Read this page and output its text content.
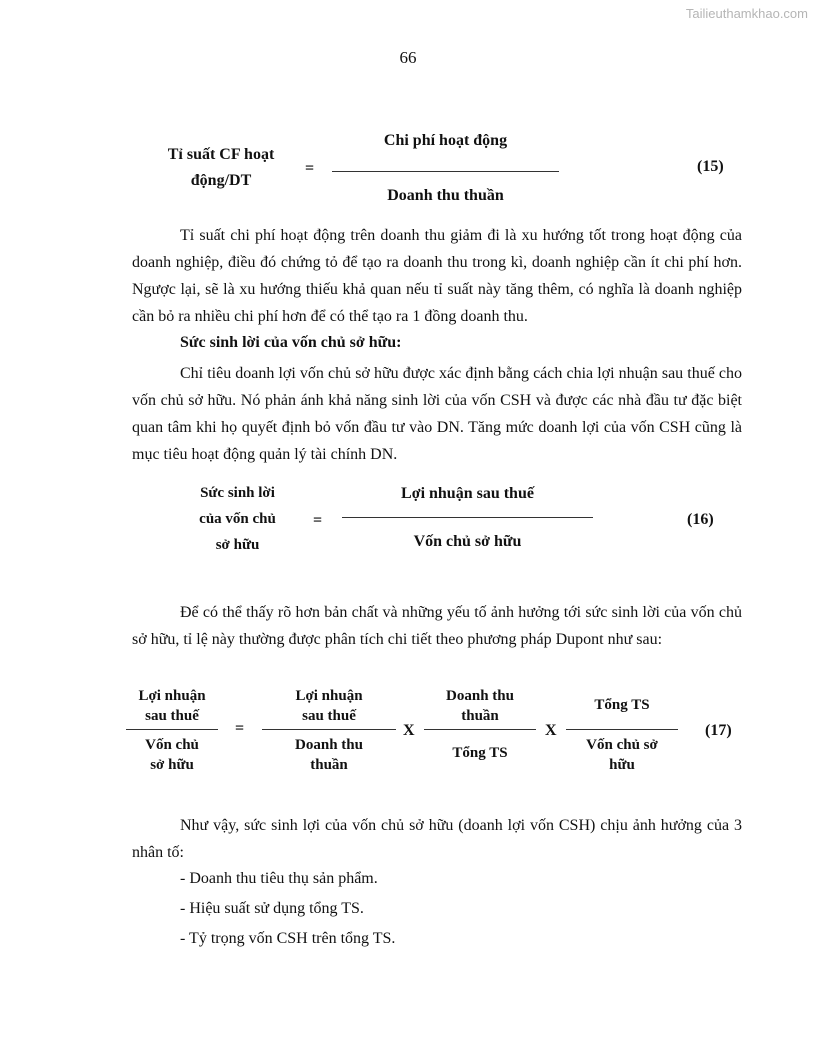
Tailieuthamkhao.com
66
Tỉ suất CF hoạt
động/DT
=
Chi phí hoạt động
Doanh thu thuần
(15)
Tỉ suất chi phí hoạt động trên doanh thu giảm đi là xu hướng tốt trong hoạt động của doanh nghiệp, điều đó chứng tỏ để tạo ra doanh thu trong kì, doanh nghiệp cần ít chi phí hơn. Ngược lại, sẽ là xu hướng thiếu khả quan nếu tỉ suất này tăng thêm, có nghĩa là doanh nghiệp cần bỏ ra nhiều chi phí hơn để có thể tạo ra 1 đồng doanh thu.
Sức sinh lời của vốn chủ sở hữu:
Chỉ tiêu doanh lợi vốn chủ sở hữu được xác định bằng cách chia lợi nhuận sau thuế cho vốn chủ sở hữu. Nó phản ánh khả năng sinh lời của vốn CSH và được các nhà đầu tư đặc biệt quan tâm khi họ quyết định bỏ vốn đầu tư vào DN. Tăng mức doanh lợi của vốn CSH cũng là mục tiêu hoạt động quản lý tài chính DN.
Sức sinh lời
của vốn chủ
sở hữu
=
Lợi nhuận sau thuế
Vốn chủ sở hữu
(16)
Để có thể thấy rõ hơn bản chất và những yếu tố ảnh hưởng tới sức sinh lời của vốn chủ sở hữu, tỉ lệ này thường được phân tích chi tiết theo phương pháp Dupont như sau:
Lợi nhuận
sau thuế
Vốn chủ
sở hữu
=
Lợi nhuận
sau thuế
Doanh thu
thuần
X
Doanh thu
thuần
Tổng TS
X
Tổng TS
Vốn chủ sở
hữu
(17)
Như vậy, sức sinh lợi của vốn chủ sở hữu (doanh lợi vốn CSH) chịu ảnh hưởng của 3 nhân tố:
- Doanh thu tiêu thụ sản phẩm.
- Hiệu suất sử dụng tổng TS.
- Tỷ trọng vốn CSH trên tổng TS.
